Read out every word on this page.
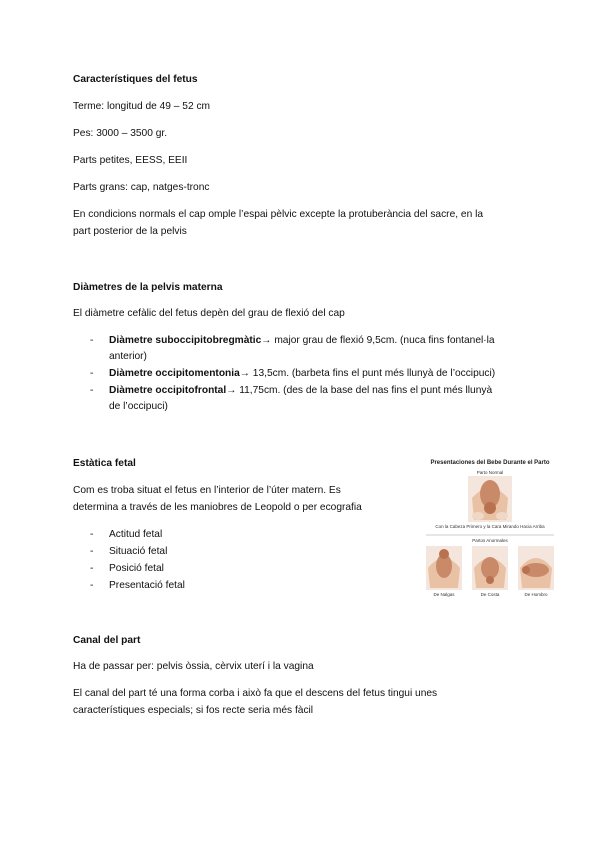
Característiques del fetus
Terme: longitud de 49 – 52 cm
Pes: 3000 – 3500 gr.
Parts petites, EESS, EEII
Parts grans: cap, natges-tronc
En condicions normals el cap omple l’espai pèlvic excepte la protuberància del sacre, en la
part posterior de la pelvis
Diàmetres de la pelvis materna
El diàmetre cefàlic del fetus depèn del grau de flexió del cap
- Diàmetre suboccipitobregmàtic→ major grau de flexió 9,5cm. (nuca fins fontanel·la
anterior)
- Diàmetre occipitomentonia→ 13,5cm. (barbeta fins el punt més llunyà de l’occipuci)
- Diàmetre occipitofrontal→ 11,75cm. (des de la base del nas fins el punt més llunyà
de l’occipuci)
Estàtica fetal
Com es troba situat el fetus en l’interior de l’úter matern. Es
determina a través de les maniobres de Leopold o per ecografia
- Actitud fetal
- Situació fetal
- Posició fetal
- Presentació fetal
Presentaciones del Bebe Durante el Parto
Parto Normal
Con la Cabeza Primero y la Cara Mirando Hacia Arriba
Partos Anormales
De Nalgas	De Costa	De Hombro
Canal del part
Ha de passar per: pelvis òssia, cèrvix uterí i la vagina
El canal del part té una forma corba i això fa que el descens del fetus tingui unes
característiques especials; si fos recte seria més fàcil
